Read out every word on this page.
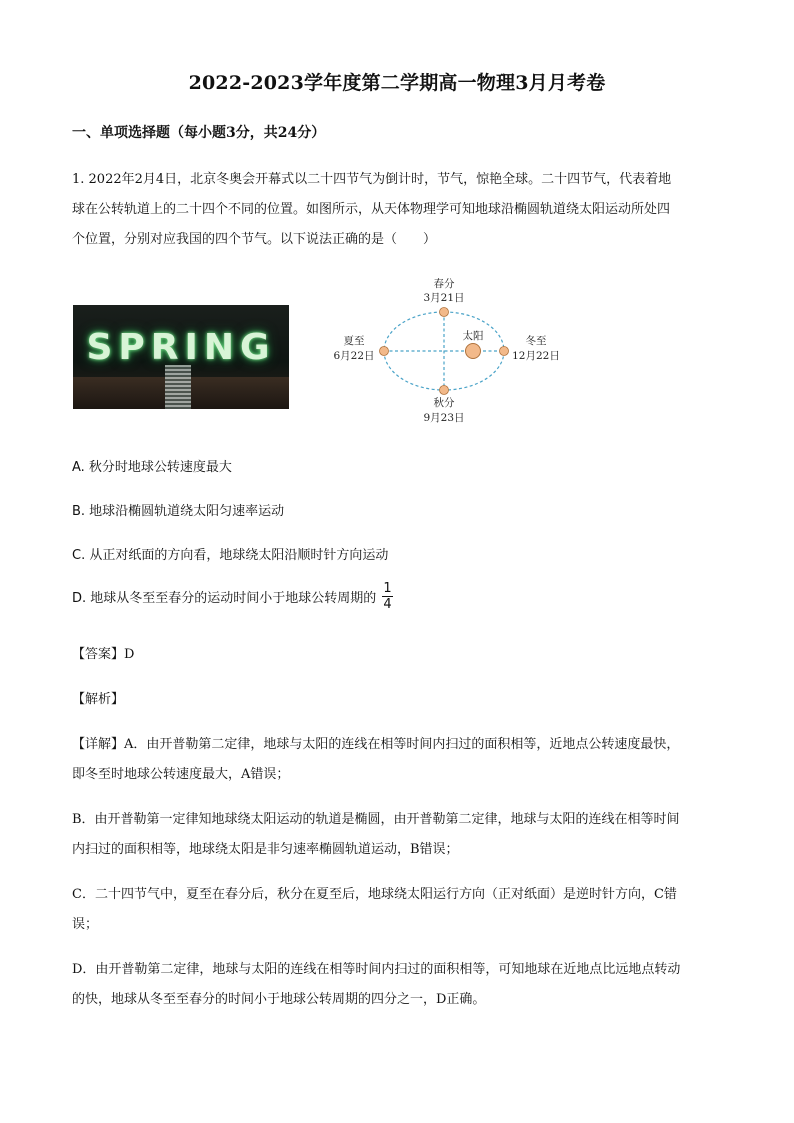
2022-2023学年度第二学期高一物理3月月考卷
一、单项选择题（每小题3分，共24分）
1. 2022年2月4日，北京冬奥会开幕式以二十四节气为倒计时，节气，惊艳全球。二十四节气，代表着地
球在公转轨道上的二十四个不同的位置。如图所示，从天体物理学可知地球沿椭圆轨道绕太阳运动所处四
个位置，分别对应我国的四个节气。以下说法正确的是（　　）
SPRING
春分
3月21日
夏至
6月22日
太阳	冬至
12月22日
秋分
9月23日
A. 秋分时地球公转速度最大
B. 地球沿椭圆轨道绕太阳匀速率运动
C. 从正对纸面的方向看，地球绕太阳沿顺时针方向运动
D. 地球从冬至至春分的运动时间小于地球公转周期的 $\frac{1}{4}$
【答案】D
【解析】
【详解】A．由开普勒第二定律，地球与太阳的连线在相等时间内扫过的面积相等，近地点公转速度最快，
即冬至时地球公转速度最大，A错误；
B．由开普勒第一定律知地球绕太阳运动的轨道是椭圆，由开普勒第二定律，地球与太阳的连线在相等时间
内扫过的面积相等，地球绕太阳是非匀速率椭圆轨道运动，B错误；
C．二十四节气中，夏至在春分后，秋分在夏至后，地球绕太阳运行方向（正对纸面）是逆时针方向，C错
误；
D．由开普勒第二定律，地球与太阳的连线在相等时间内扫过的面积相等，可知地球在近地点比远地点转动
的快，地球从冬至至春分的时间小于地球公转周期的四分之一，D正确。
